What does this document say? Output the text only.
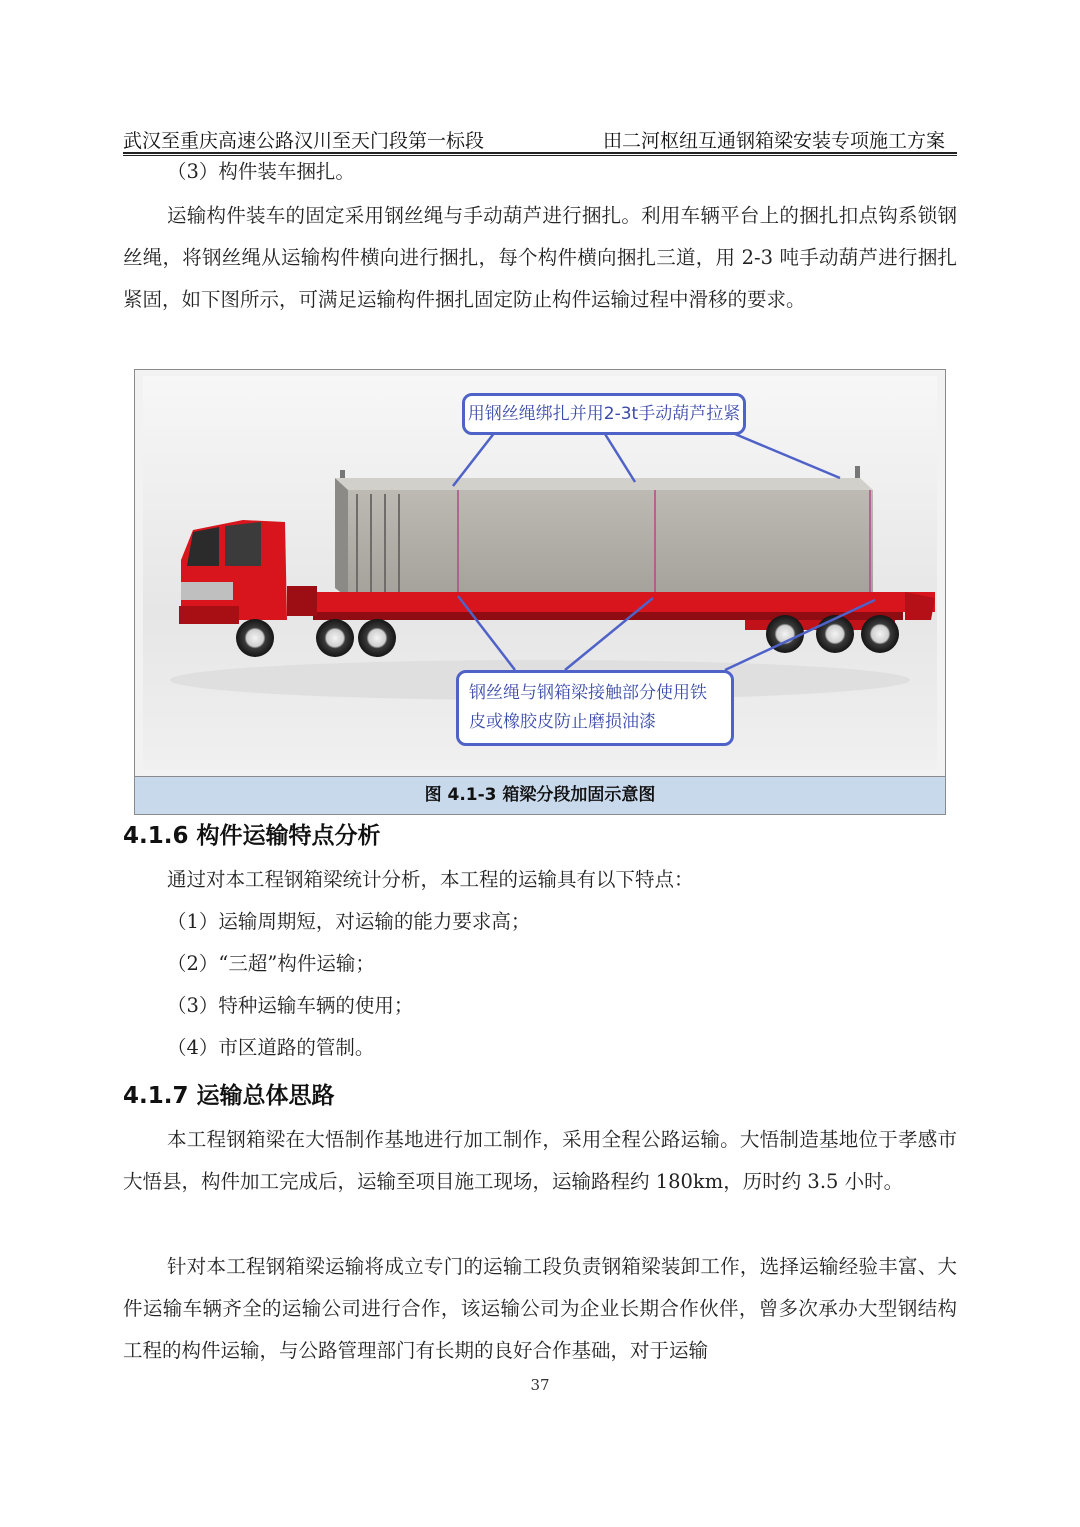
武汉至重庆高速公路汉川至天门段第一标段	田二河枢纽互通钢箱梁安装专项施工方案
（3）构件装车捆扎。

运输构件装车的固定采用钢丝绳与手动葫芦进行捆扎。利用车辆平台上的捆扎扣点钩系锁钢丝绳，将钢丝绳从运输构件横向进行捆扎，每个构件横向捆扎三道，用 2-3 吨手动葫芦进行捆扎紧固，如下图所示，可满足运输构件捆扎固定防止构件运输过程中滑移的要求。

用钢丝绳绑扎并用2-3t手动葫芦拉紧
钢丝绳与钢箱梁接触部分使用铁
皮或橡胶皮防止磨损油漆
图 4.1-3 箱梁分段加固示意图
4.1.6 构件运输特点分析
通过对本工程钢箱梁统计分析，本工程的运输具有以下特点：
（1）运输周期短，对运输的能力要求高；
（2）“三超”构件运输；
（3）特种运输车辆的使用；
（4）市区道路的管制。
4.1.7 运输总体思路

本工程钢箱梁在大悟制作基地进行加工制作，采用全程公路运输。大悟制造基地位于孝感市大悟县，构件加工完成后，运输至项目施工现场，运输路程约 180km，历时约 3.5 小时。

针对本工程钢箱梁运输将成立专门的运输工段负责钢箱梁装卸工作，选择运输经验丰富、大件运输车辆齐全的运输公司进行合作，该运输公司为企业长期合作伙伴，曾多次承办大型钢结构工程的构件运输，与公路管理部门有长期的良好合作基础，对于运输

37
